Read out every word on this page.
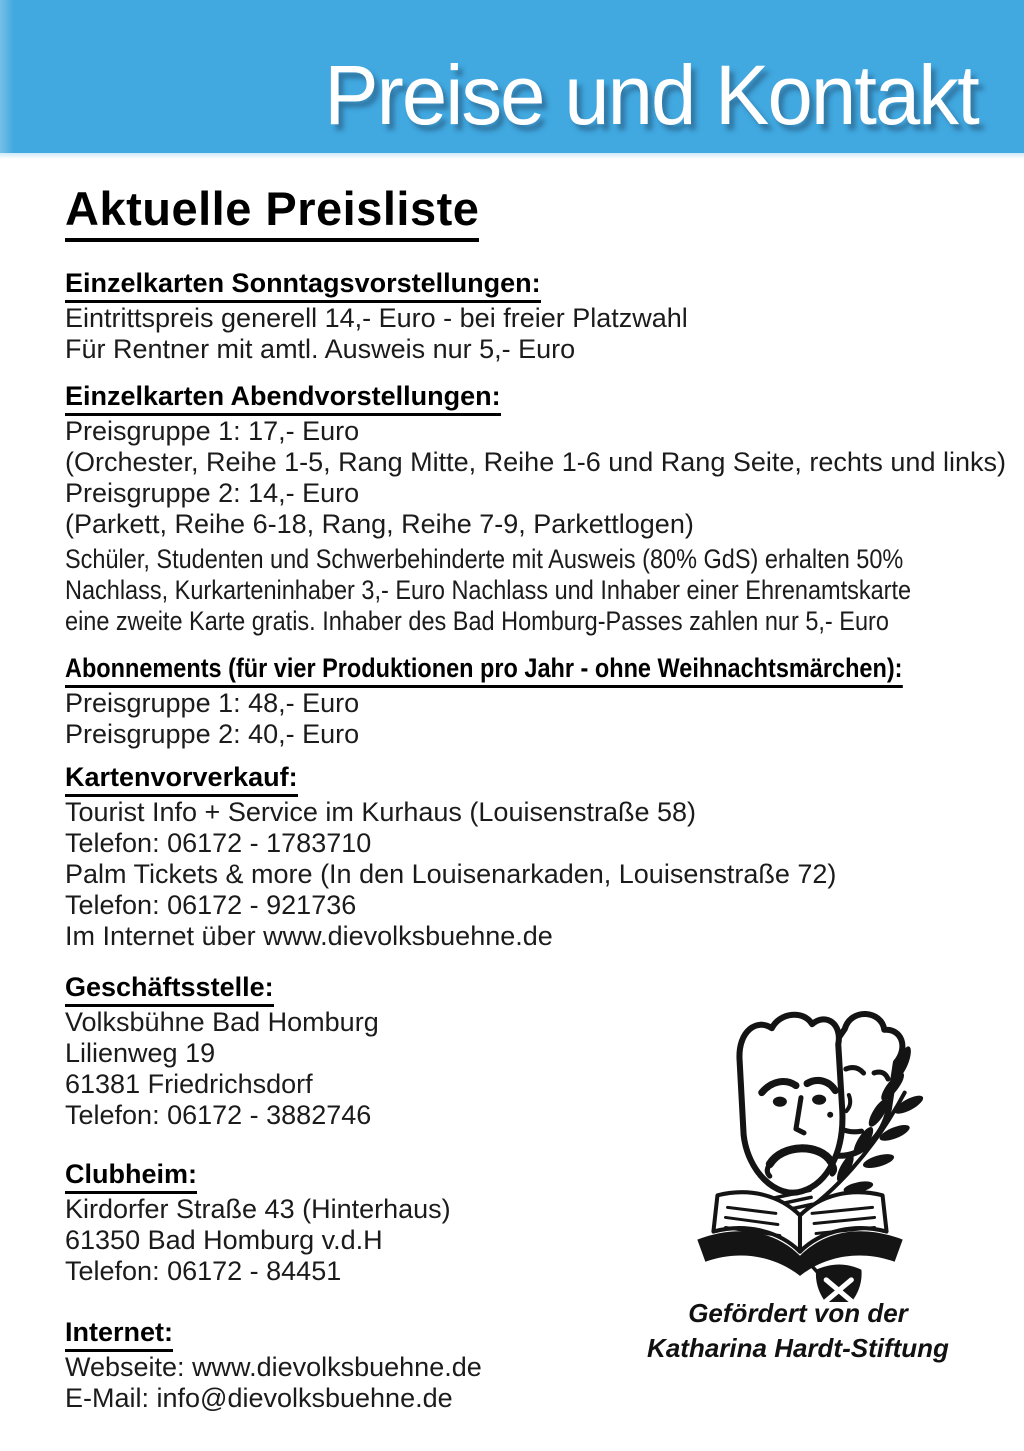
Preise und Kontakt
Aktuelle Preisliste

Einzelkarten Sonntagsvorstellungen:
Eintrittspreis generell 14,- Euro - bei freier Platzwahl
Für Rentner mit amtl. Ausweis nur 5,- Euro
Einzelkarten Abendvorstellungen:
Preisgruppe 1: 17,- Euro
(Orchester, Reihe 1-5, Rang Mitte, Reihe 1-6 und Rang Seite, rechts und links)
Preisgruppe 2: 14,- Euro
(Parkett, Reihe 6-18, Rang, Reihe 7-9, Parkettlogen)
Schüler, Studenten und Schwerbehinderte mit Ausweis (80% GdS) erhalten 50%
Nachlass, Kurkarteninhaber 3,- Euro Nachlass und Inhaber einer Ehrenamtskarte
eine zweite Karte gratis. Inhaber des Bad Homburg-Passes zahlen nur 5,- Euro
Abonnements (für vier Produktionen pro Jahr - ohne Weihnachtsmärchen):
Preisgruppe 1: 48,- Euro
Preisgruppe 2: 40,- Euro
Kartenvorverkauf:
Tourist Info + Service im Kurhaus (Louisenstraße 58)
Telefon: 06172 - 1783710
Palm Tickets & more (In den Louisenarkaden, Louisenstraße 72)
Telefon: 06172 - 921736
Im Internet über www.dievolksbuehne.de
Geschäftsstelle:
Volksbühne Bad Homburg
Lilienweg 19
61381 Friedrichsdorf
Telefon: 06172 - 3882746
Clubheim:
Kirdorfer Straße 43 (Hinterhaus)
61350 Bad Homburg v.d.H
Telefon: 06172 - 84451
Internet:
Webseite: www.dievolksbuehne.de
E-Mail: info@dievolksbuehne.de
Gefördert von der
Katharina Hardt-Stiftung
